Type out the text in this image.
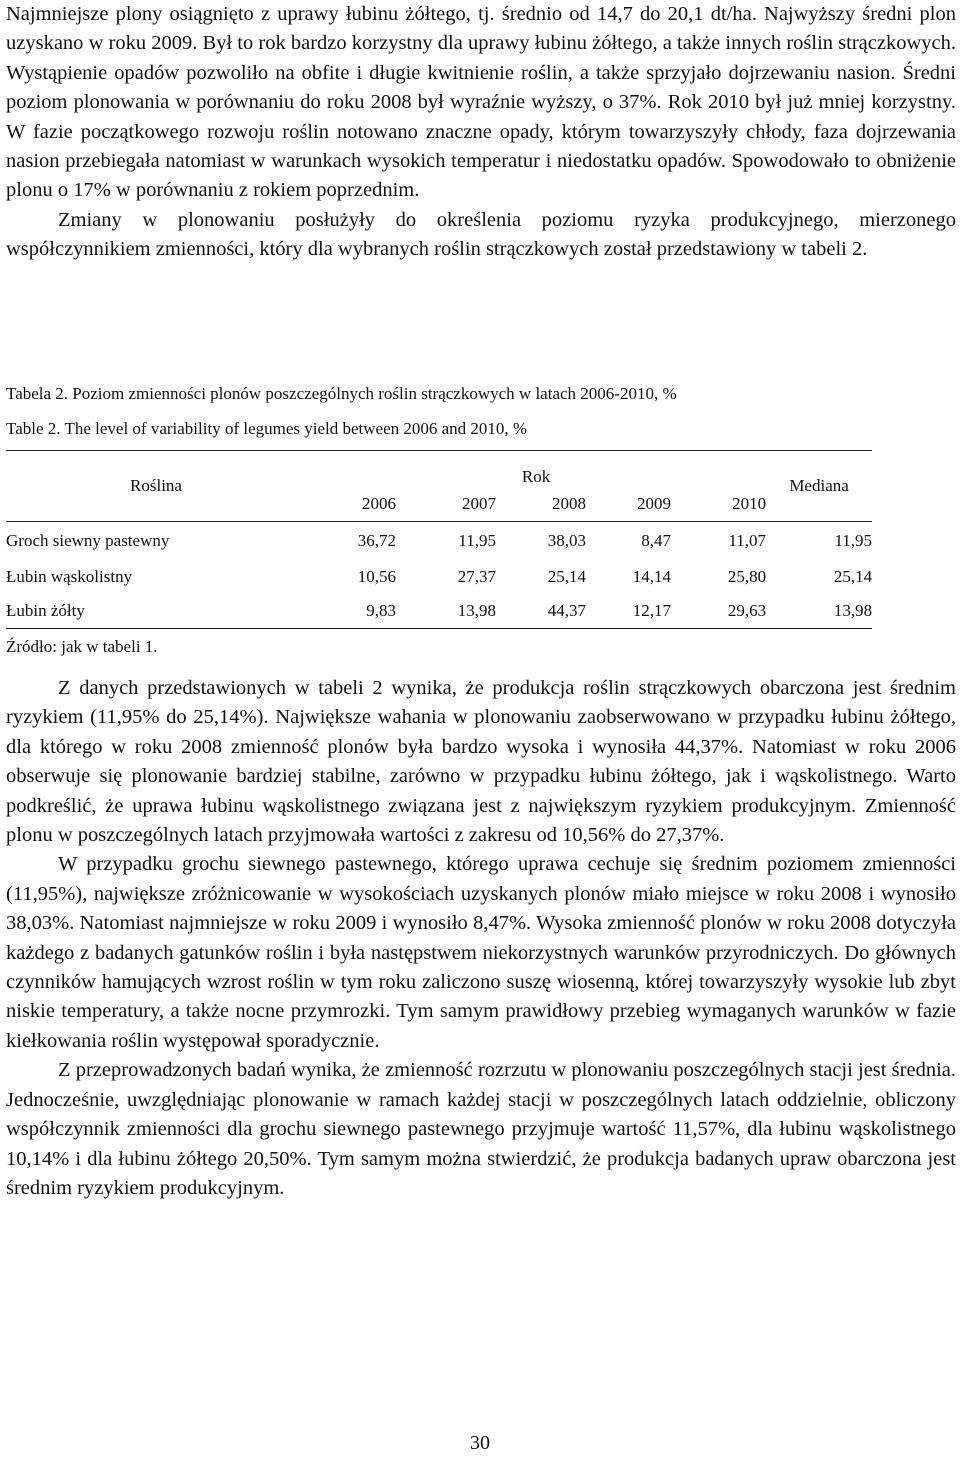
Najmniejsze plony osiągnięto z uprawy łubinu żółtego, tj. średnio od 14,7 do 20,1 dt/ha. Najwyższy średni plon uzyskano w roku 2009. Był to rok bardzo korzystny dla uprawy łubinu żółtego, a także innych roślin strączkowych. Wystąpienie opadów pozwoliło na obfite i długie kwitnienie roślin, a także sprzyjało dojrzewaniu nasion. Średni poziom plonowania w porównaniu do roku 2008 był wyraźnie wyższy, o 37%. Rok 2010 był już mniej korzystny. W fazie początkowego rozwoju roślin notowano znaczne opady, którym towarzyszyły chłody, faza dojrzewania nasion przebiegała natomiast w warunkach wysokich temperatur i niedostatku opadów. Spowodowało to obniżenie plonu o 17% w porównaniu z rokiem poprzednim.

Zmiany w plonowaniu posłużyły do określenia poziomu ryzyka produkcyjnego, mierzonego współczynnikiem zmienności, który dla wybranych roślin strączkowych został przedstawiony w tabeli 2.

Tabela 2. Poziom zmienności plonów poszczególnych roślin strączkowych w latach 2006-2010, %

Table 2. The level of variability of legumes yield between 2006 and 2010, %

Roślina	Rok					Mediana
	2006	2007	2008	2009	2010	
Groch siewny pastewny	36,72	11,95	38,03	8,47	11,07	11,95
Łubin wąskolistny	10,56	27,37	25,14	14,14	25,80	25,14
Łubin żółty	9,83	13,98	44,37	12,17	29,63	13,98

Źródło: jak w tabeli 1.

Z danych przedstawionych w tabeli 2 wynika, że produkcja roślin strączkowych obarczona jest średnim ryzykiem (11,95% do 25,14%). Największe wahania w plonowaniu zaobserwowano w przypadku łubinu żółtego, dla którego w roku 2008 zmienność plonów była bardzo wysoka i wynosiła 44,37%. Natomiast w roku 2006 obserwuje się plonowanie bardziej stabilne, zarówno w przypadku łubinu żółtego, jak i wąskolistnego. Warto podkreślić, że uprawa łubinu wąskolistnego związana jest z największym ryzykiem produkcyjnym. Zmienność plonu w poszczególnych latach przyjmowała wartości z zakresu od 10,56% do 27,37%.

W przypadku grochu siewnego pastewnego, którego uprawa cechuje się średnim poziomem zmienności (11,95%), największe zróżnicowanie w wysokościach uzyskanych plonów miało miejsce w roku 2008 i wynosiło 38,03%. Natomiast najmniejsze w roku 2009 i wynosiło 8,47%. Wysoka zmienność plonów w roku 2008 dotyczyła każdego z badanych gatunków roślin i była następstwem niekorzystnych warunków przyrodniczych. Do głównych czynników hamujących wzrost roślin w tym roku zaliczono suszę wiosenną, której towarzyszyły wysokie lub zbyt niskie temperatury, a także nocne przymrozki. Tym samym prawidłowy przebieg wymaganych warunków w fazie kiełkowania roślin występował sporadycznie.

Z przeprowadzonych badań wynika, że zmienność rozrzutu w plonowaniu poszczególnych stacji jest średnia. Jednocześnie, uwzględniając plonowanie w ramach każdej stacji w poszczególnych latach oddzielnie, obliczony współczynnik zmienności dla grochu siewnego pastewnego przyjmuje wartość 11,57%, dla łubinu wąskolistnego 10,14% i dla łubinu żółtego 20,50%. Tym samym można stwierdzić, że produkcja badanych upraw obarczona jest średnim ryzykiem produkcyjnym.

30
